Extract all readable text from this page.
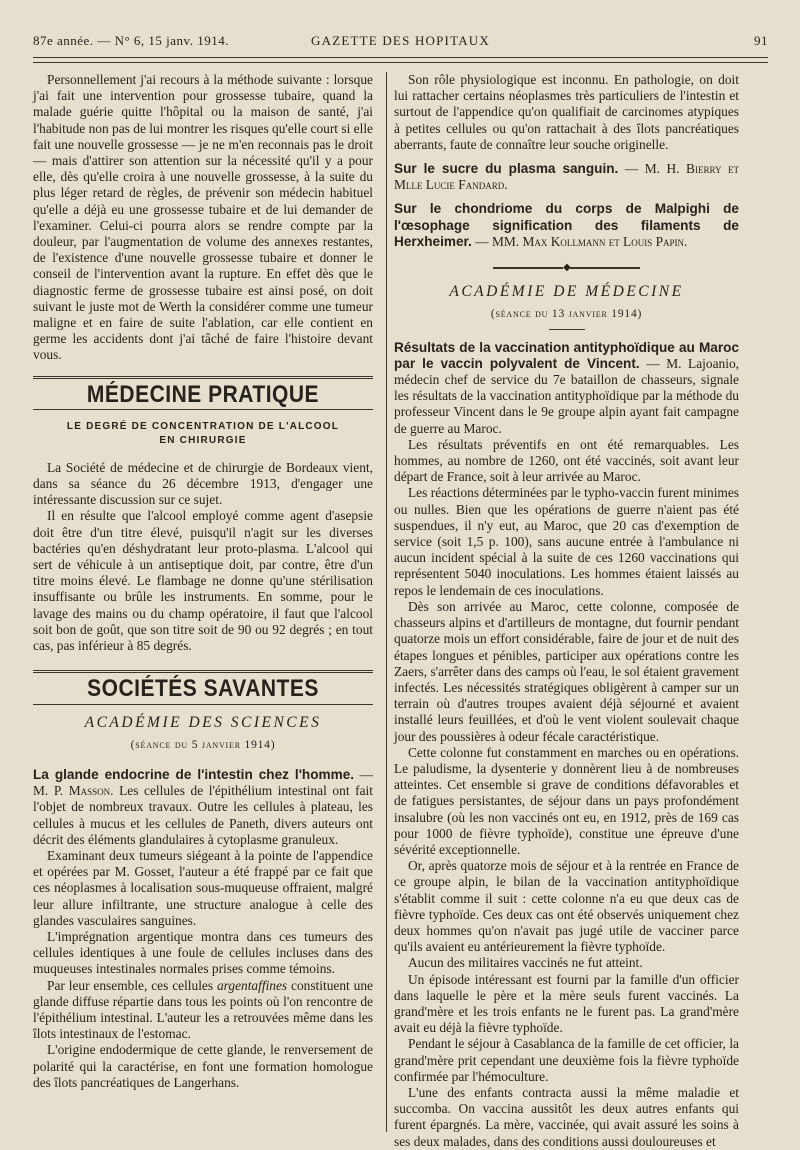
87e année. — N° 6, 15 janv. 1914.	GAZETTE DES HOPITAUX	91

Personnellement j'ai recours à la méthode suivante : lorsque j'ai fait une intervention pour grossesse tubaire, quand la malade guérie quitte l'hôpital ou la maison de santé, j'ai l'habitude non pas de lui montrer les risques qu'elle court si elle fait une nouvelle grossesse — je ne m'en reconnais pas le droit — mais d'attirer son attention sur la nécessité qu'il y a pour elle, dès qu'elle croira à une nouvelle grossesse, à la suite du plus léger retard de règles, de prévenir son médecin habituel qu'elle a déjà eu une grossesse tubaire et de lui demander de l'examiner. Celui-ci pourra alors se rendre compte par la douleur, par l'augmentation de volume des annexes restantes, de l'existence d'une nouvelle grossesse tubaire et donner le conseil de l'intervention avant la rupture. En effet dès que le diagnostic ferme de grossesse tubaire est ainsi posé, on doit suivant le juste mot de Werth la considérer comme une tumeur maligne et en faire de suite l'ablation, car elle contient en germe les accidents dont j'ai tâché de faire l'histoire devant vous.

MÉDECINE PRATIQUE
LE DEGRÉ DE CONCENTRATION DE L'ALCOOL
EN CHIRURGIE

La Société de médecine et de chirurgie de Bordeaux vient, dans sa séance du 26 décembre 1913, d'engager une intéressante discussion sur ce sujet.

Il en résulte que l'alcool employé comme agent d'asepsie doit être d'un titre élevé, puisqu'il n'agit sur les diverses bactéries qu'en déshydratant leur proto-plasma. L'alcool qui sert de véhicule à un antiseptique doit, par contre, être d'un titre moins élevé. Le flambage ne donne qu'une stérilisation insuffisante ou brûle les instruments. En somme, pour le lavage des mains ou du champ opératoire, il faut que l'alcool soit bon de goût, que son titre soit de 90 ou 92 degrés ; en tout cas, pas inférieur à 85 degrés.

SOCIÉTÉS SAVANTES
ACADÉMIE DES SCIENCES
(séance du 5 janvier 1914)

La glande endocrine de l'intestin chez l'homme. — M. P. Masson. Les cellules de l'épithélium intestinal ont fait l'objet de nombreux travaux. Outre les cellules à plateau, les cellules à mucus et les cellules de Paneth, divers auteurs ont décrit des éléments glandulaires à cytoplasme granuleux.

Examinant deux tumeurs siégeant à la pointe de l'appendice et opérées par M. Gosset, l'auteur a été frappé par ce fait que ces néoplasmes à localisation sous-muqueuse offraient, malgré leur allure infiltrante, une structure analogue à celle des glandes vasculaires sanguines.

L'imprégnation argentique montra dans ces tumeurs des cellules identiques à une foule de cellules incluses dans des muqueuses intestinales normales prises comme témoins.

Par leur ensemble, ces cellules argentaffines constituent une glande diffuse répartie dans tous les points où l'on rencontre de l'épithélium intestinal. L'auteur les a retrouvées même dans les îlots intestinaux de l'estomac.

L'origine endodermique de cette glande, le renversement de polarité qui la caractérise, en font une formation homologue des îlots pancréatiques de Langerhans.

Son rôle physiologique est inconnu. En pathologie, on doit lui rattacher certains néoplasmes très particuliers de l'intestin et surtout de l'appendice qu'on qualifiait de carcinomes atypiques à petites cellules ou qu'on rattachait à des îlots pancréatiques aberrants, faute de connaître leur souche originelle.

Sur le sucre du plasma sanguin. — M. H. Bierry et Mlle Lucie Fandard.

Sur le chondriome du corps de Malpighi de l'œsophage signification des filaments de Herxheimer. — MM. Max Kollmann et Louis Papin.

◆
ACADÉMIE DE MÉDECINE
(séance du 13 janvier 1914)

Résultats de la vaccination antityphoïdique au Maroc par le vaccin polyvalent de Vincent. — M. Lajoanio, médecin chef de service du 7e bataillon de chasseurs, signale les résultats de la vaccination antityphoïdique par la méthode du professeur Vincent dans le 9e groupe alpin ayant fait campagne de guerre au Maroc.

Les résultats préventifs en ont été remarquables. Les hommes, au nombre de 1260, ont été vaccinés, soit avant leur départ de France, soit à leur arrivée au Maroc.

Les réactions déterminées par le typho-vaccin furent minimes ou nulles. Bien que les opérations de guerre n'aient pas été suspendues, il n'y eut, au Maroc, que 20 cas d'exemption de service (soit 1,5 p. 100), sans aucune entrée à l'ambulance ni aucun incident spécial à la suite de ces 1260 vaccinations qui représentent 5040 inoculations. Les hommes étaient laissés au repos le lendemain de ces inoculations.

Dès son arrivée au Maroc, cette colonne, composée de chasseurs alpins et d'artilleurs de montagne, dut fournir pendant quatorze mois un effort considérable, faire de jour et de nuit des étapes longues et pénibles, participer aux opérations contre les Zaers, s'arrêter dans des camps où l'eau, le sol étaient gravement infectés. Les nécessités stratégiques obligèrent à camper sur un terrain où d'autres troupes avaient déjà séjourné et avaient installé leurs feuillées, et d'où le vent violent soulevait chaque jour des poussières à odeur fécale caractéristique.

Cette colonne fut constamment en marches ou en opérations. Le paludisme, la dysenterie y donnèrent lieu à de nombreuses atteintes. Cet ensemble si grave de conditions défavorables et de fatigues persistantes, de séjour dans un pays profondément insalubre (où les non vaccinés ont eu, en 1912, près de 169 cas pour 1000 de fièvre typhoïde), constitue une épreuve d'une sévérité exceptionnelle.

Or, après quatorze mois de séjour et à la rentrée en France de ce groupe alpin, le bilan de la vaccination antityphoïdique s'établit comme il suit : cette colonne n'a eu que deux cas de fièvre typhoïde. Ces deux cas ont été observés uniquement chez deux hommes qu'on n'avait pas jugé utile de vacciner parce qu'ils avaient eu antérieurement la fièvre typhoïde.

Aucun des militaires vaccinés ne fut atteint.

Un épisode intéressant est fourni par la famille d'un officier dans laquelle le père et la mère seuls furent vaccinés. La grand'mère et les trois enfants ne le furent pas. La grand'mère avait eu déjà la fièvre typhoïde.

Pendant le séjour à Casablanca de la famille de cet officier, la grand'mère prit cependant une deuxième fois la fièvre typhoïde confirmée par l'hémoculture.

L'une des enfants contracta aussi la même maladie et succomba. On vaccina aussitôt les deux autres enfants qui furent épargnés. La mère, vaccinée, qui avait assuré les soins à ses deux malades, dans des conditions aussi douloureuses et
